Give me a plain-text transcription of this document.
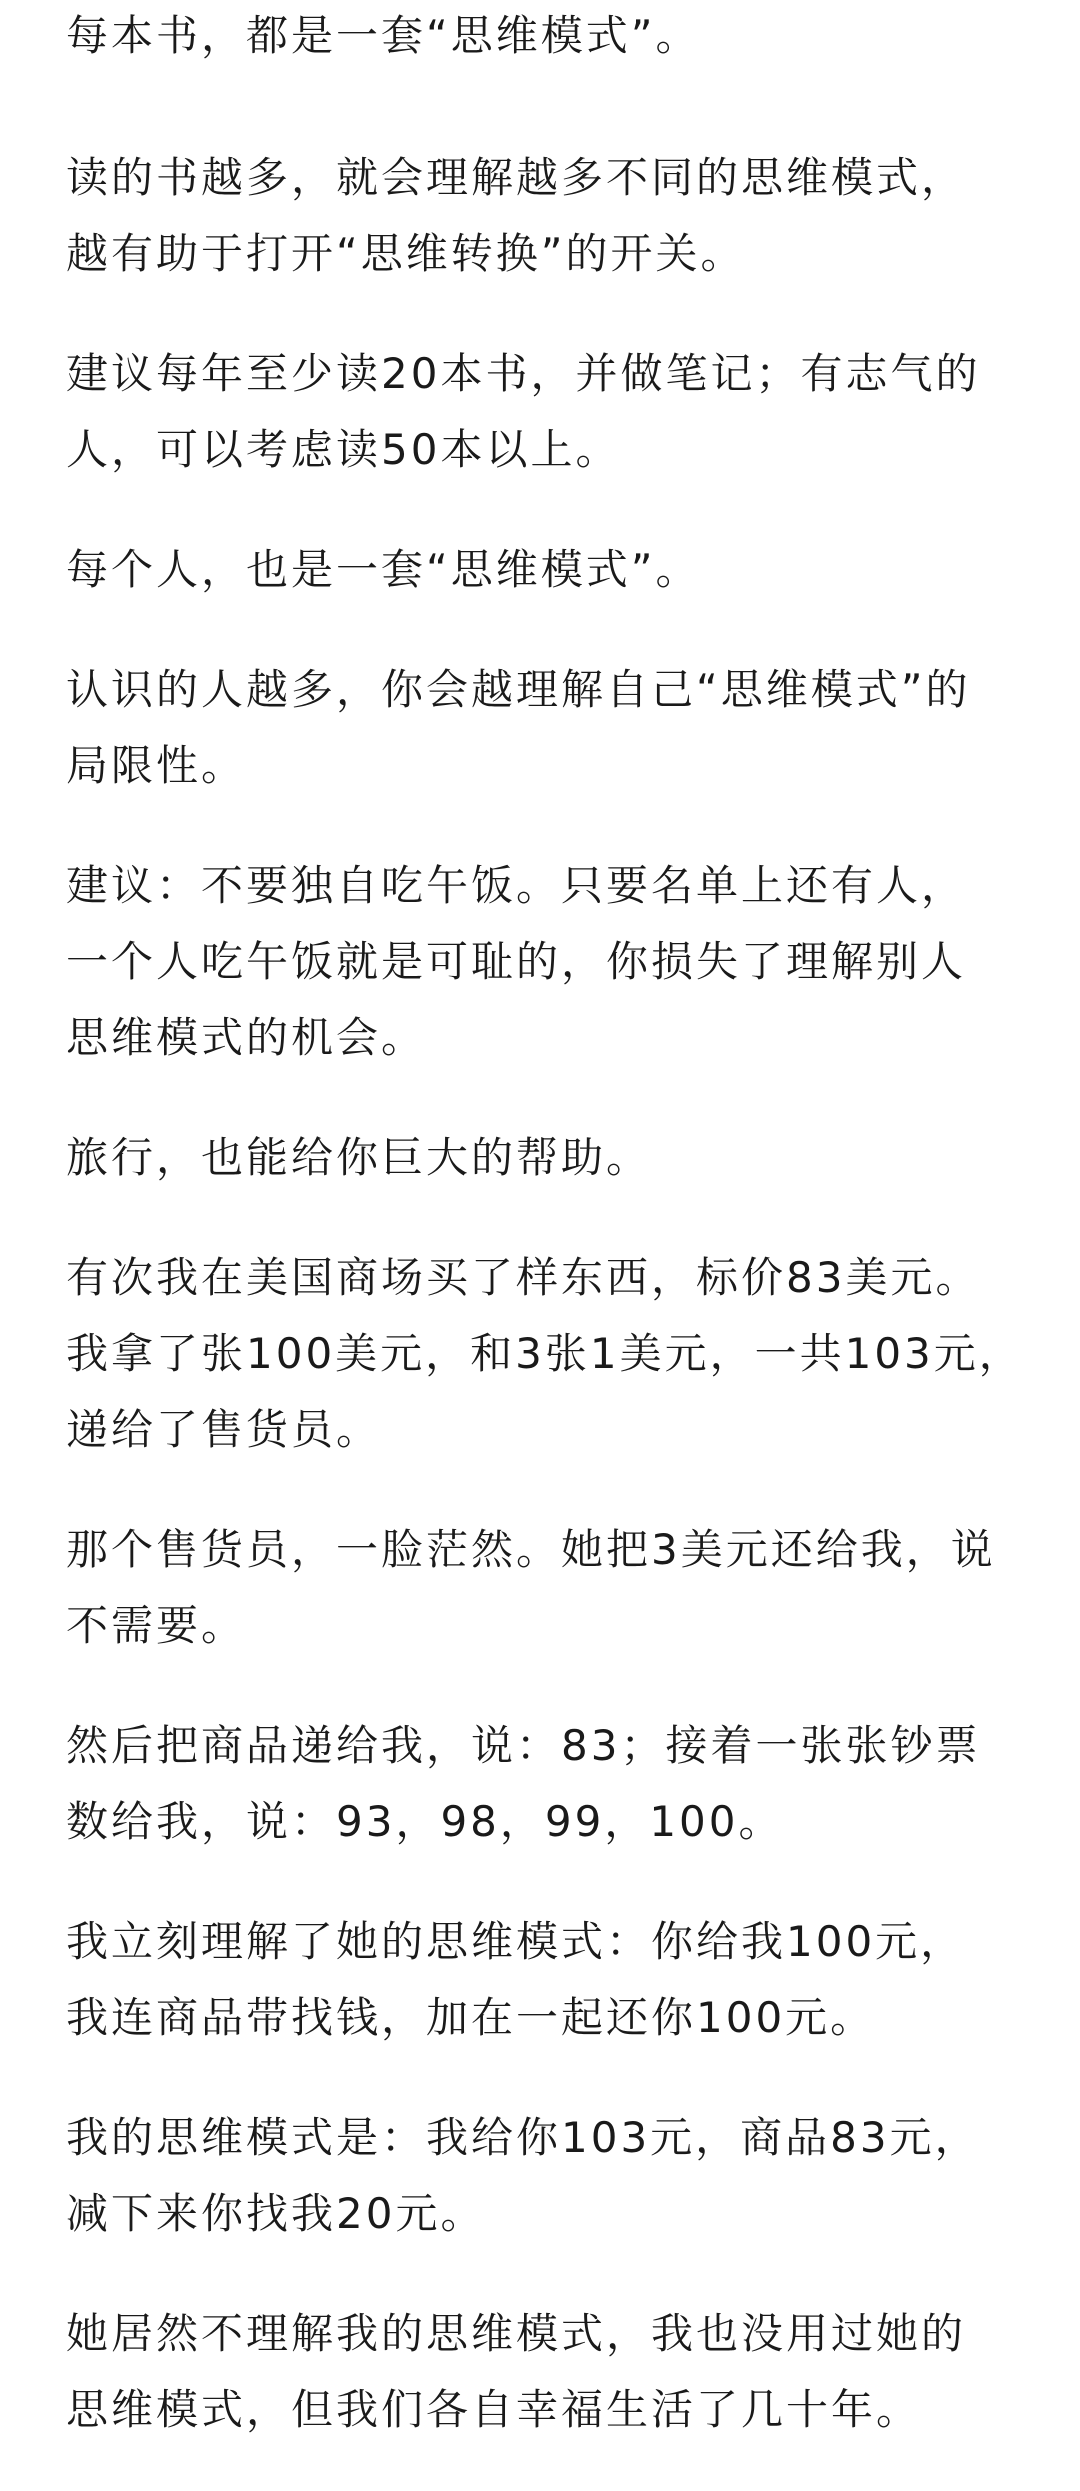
每本书，都是一套“思维模式”。

读的书越多，就会理解越多不同的思维模式，
越有助于打开“思维转换”的开关。

建议每年至少读20本书，并做笔记；有志气的
人，可以考虑读50本以上。

每个人，也是一套“思维模式”。

认识的人越多，你会越理解自己“思维模式”的
局限性。

建议：不要独自吃午饭。只要名单上还有人，
一个人吃午饭就是可耻的，你损失了理解别人
思维模式的机会。

旅行，也能给你巨大的帮助。

有次我在美国商场买了样东西，标价83美元。
我拿了张100美元，和3张1美元，一共103元，
递给了售货员。

那个售货员，一脸茫然。她把3美元还给我，说
不需要。

然后把商品递给我，说：83；接着一张张钞票
数给我，说：93，98，99，100。

我立刻理解了她的思维模式：你给我100元，
我连商品带找钱，加在一起还你100元。

我的思维模式是：我给你103元，商品83元，
减下来你找我20元。

她居然不理解我的思维模式，我也没用过她的
思维模式，但我们各自幸福生活了几十年。
